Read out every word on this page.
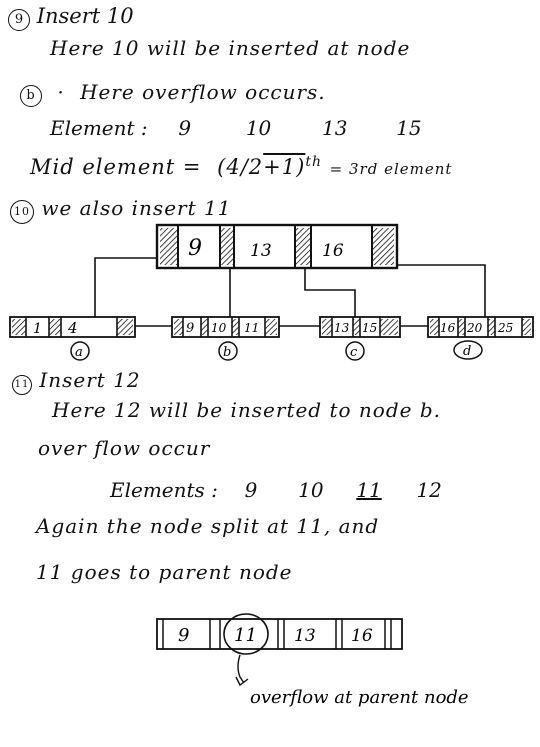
9 Insert 10
Here 10 will be inserted at node
b · Here overflow occurs.
Element : 9	10	13 15
Mid element = $(4/2+1)^{th} = 3rd$ element
10 we also insert 11
9	13	16
1 4	9 10 11	13 15	16 20 25
a	b	c	d
11 Insert 12
Here 12 will be inserted to node b.
over flow occur
Elements : 9 10 11 12
Again the node split at 11, and
11 goes to parent node
9 11 13 16
overflow at parent node
